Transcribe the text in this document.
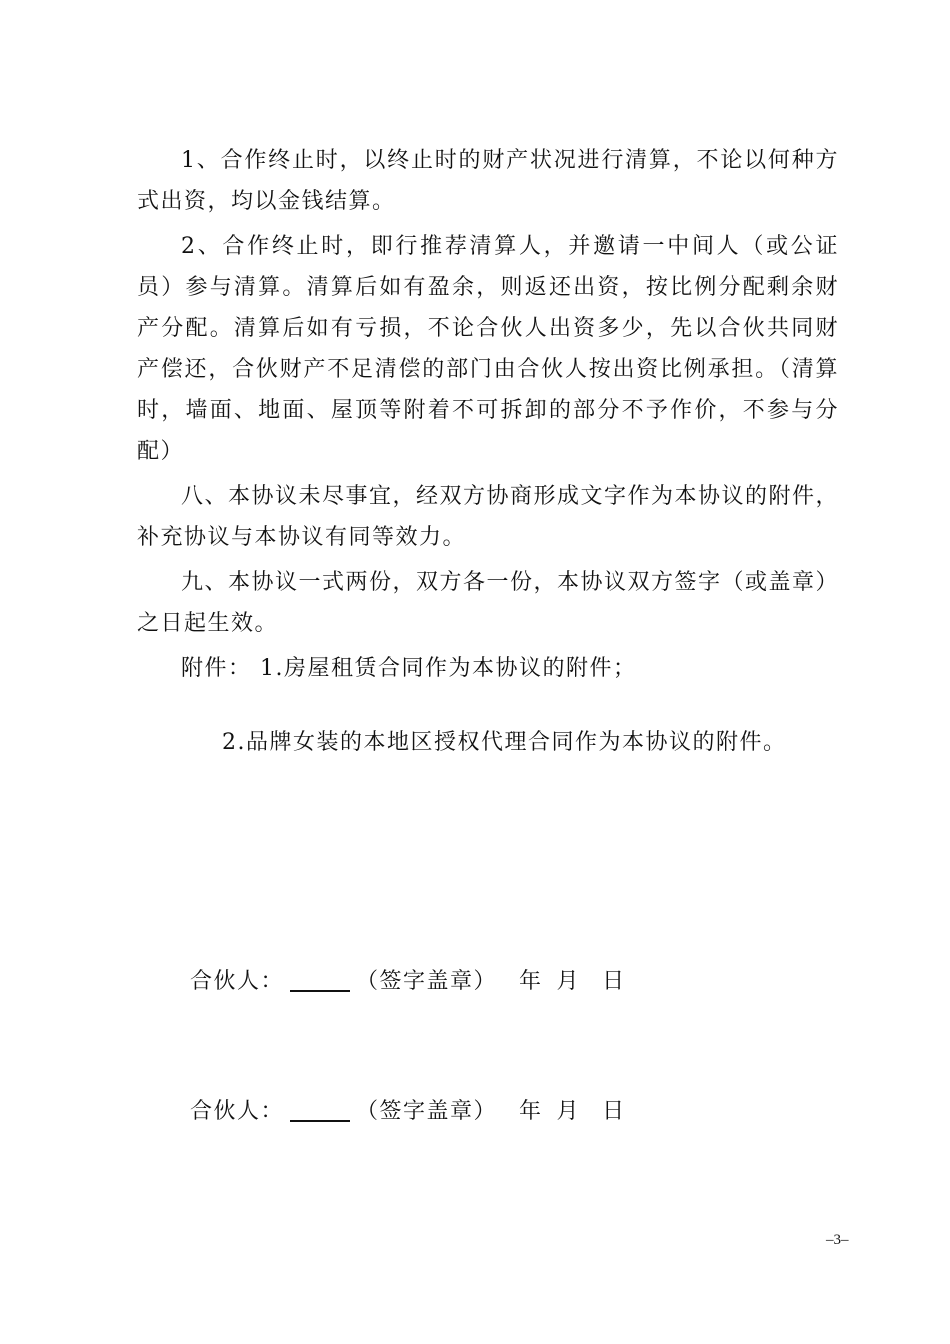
1、合作终止时，以终止时的财产状况进行清算，不论以何种方式出资，均以金钱结算。

2、合作终止时，即行推荐清算人，并邀请一中间人（或公证员）参与清算。清算后如有盈余，则返还出资，按比例分配剩余财产分配。清算后如有亏损，不论合伙人出资多少，先以合伙共同财产偿还，合伙财产不足清偿的部门由合伙人按出资比例承担。（清算时，墙面、地面、屋顶等附着不可拆卸的部分不予作价，不参与分配）

八、本协议未尽事宜，经双方协商形成文字作为本协议的附件，补充协议与本协议有同等效力。

九、本协议一式两份，双方各一份，本协议双方签字（或盖章）之日起生效。

附件： 1.房屋租赁合同作为本协议的附件；

2.品牌女装的本地区授权代理合同作为本协议的附件。
合伙人：	（签字盖章） 年 月 日
合伙人：	（签字盖章） 年 月 日
–3–
